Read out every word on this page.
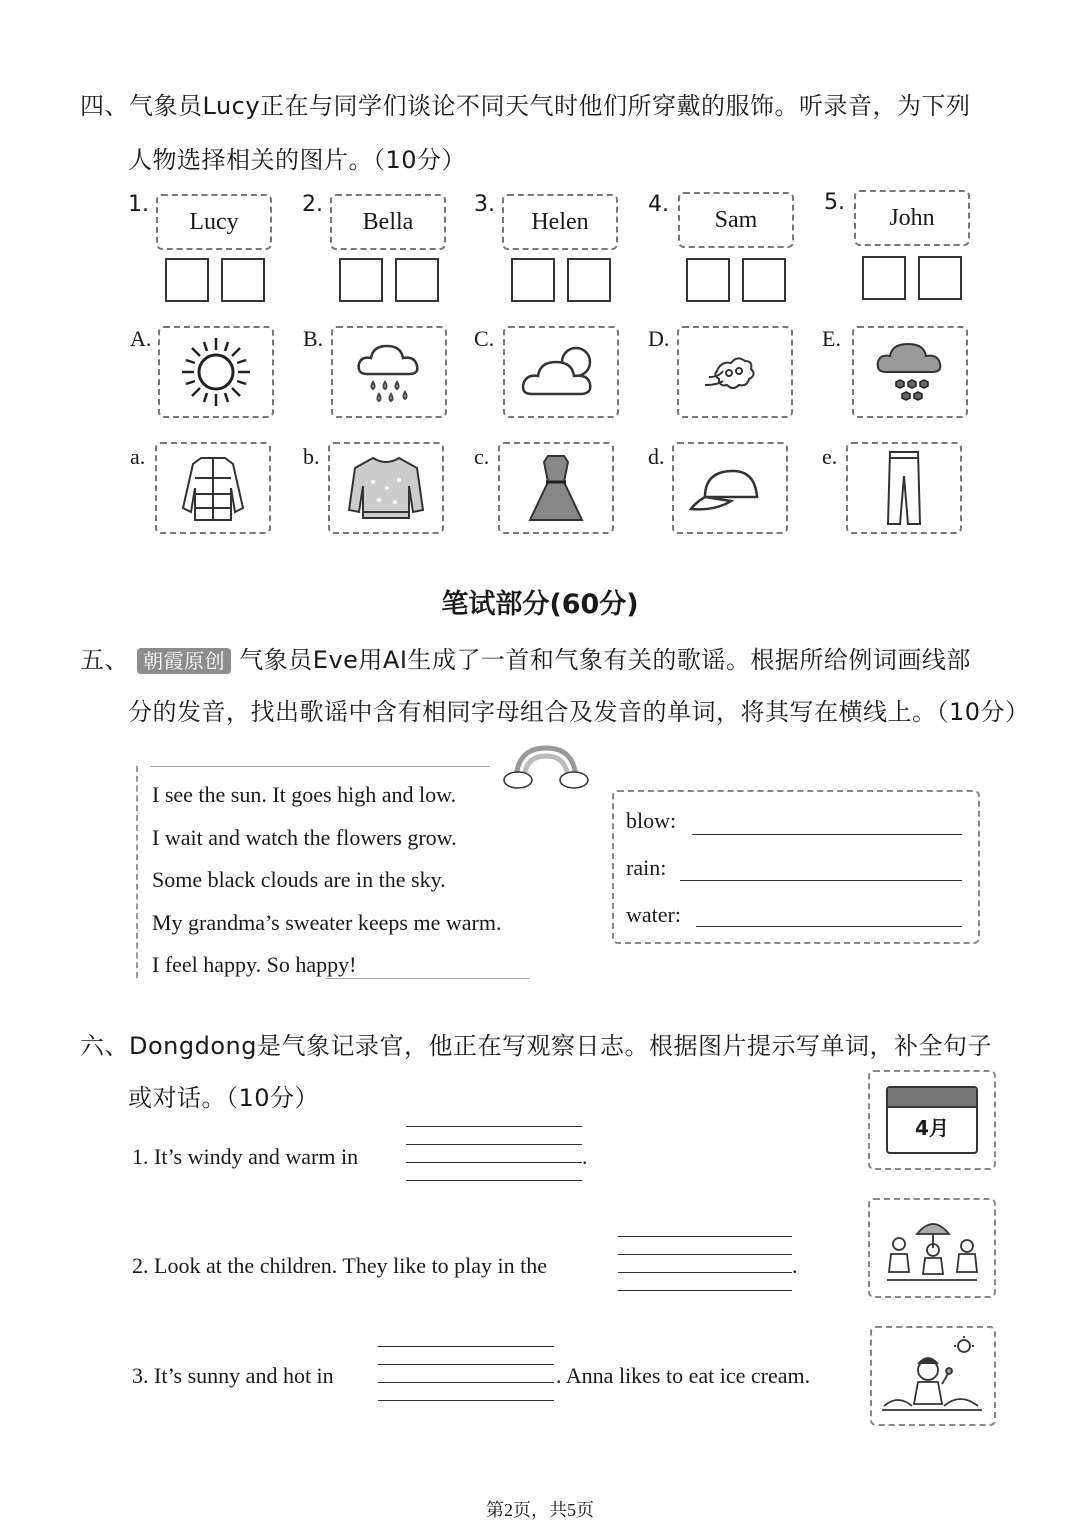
四、气象员Lucy正在与同学们谈论不同天气时他们所穿戴的服饰。听录音，为下列
人物选择相关的图片。（10分）
1.
Lucy
2.
Bella
3.
Helen
4.
Sam
5.
John
A.	B.	C.	D.	E.
a.	b.	c.	d.	e.
笔试部分(60分)
五、 朝霞原创 气象员Eve用AI生成了一首和气象有关的歌谣。根据所给例词画线部
分的发音，找出歌谣中含有相同字母组合及发音的单词，将其写在横线上。（10分）
I see the sun. It goes high and low.
I wait and watch the flowers grow.
Some black clouds are in the sky.
My grandma’s sweater keeps me warm.
I feel happy. So happy!
blow:
rain:
water:
六、Dongdong是气象记录官，他正在写观察日志。根据图片提示写单词，补全句子
或对话。（10分）
1. It’s windy and warm in	.
4月
2. Look at the children. They like to play in the	.
3. It’s sunny and hot in	. Anna likes to eat ice cream.
第2页，共5页
